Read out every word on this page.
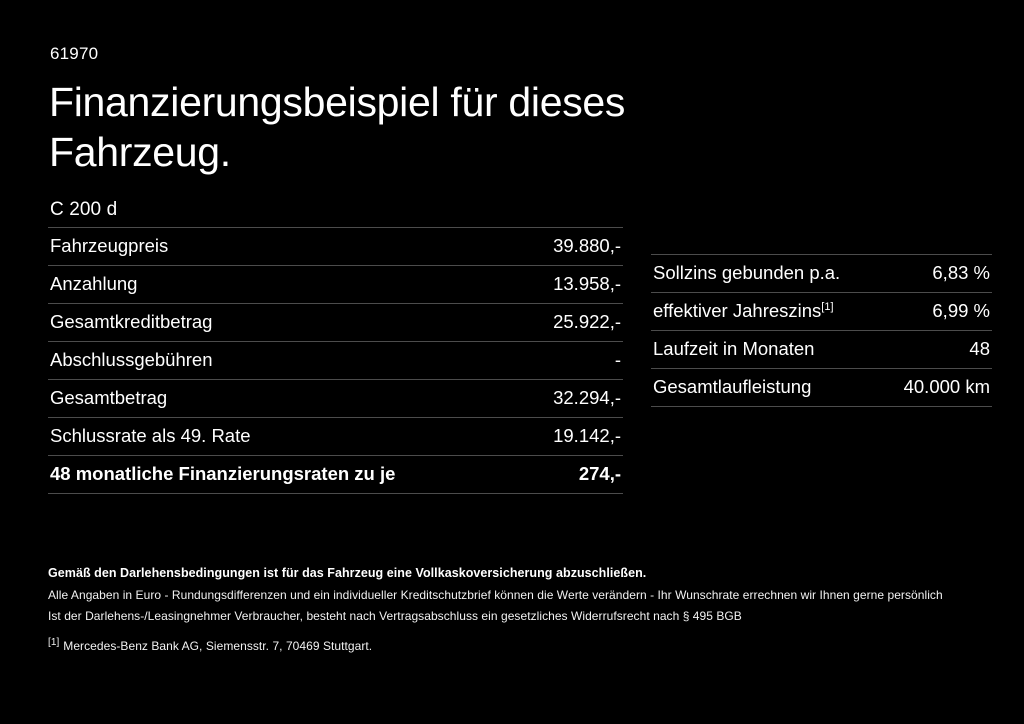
61970
Finanzierungsbeispiel für dieses Fahrzeug.
C 200 d
Fahrzeugpreis	39.880,-
Anzahlung	13.958,-
Gesamtkreditbetrag	25.922,-
Abschlussgebühren	-
Gesamtbetrag	32.294,-
Schlussrate als 49. Rate	19.142,-
48 monatliche Finanzierungsraten zu je	274,-
Sollzins gebunden p.a.	6,83 %
effektiver Jahreszins[1]	6,99 %
Laufzeit in Monaten	48
Gesamtlaufleistung	40.000 km

Gemäß den Darlehensbedingungen ist für das Fahrzeug eine Vollkaskoversicherung abzuschließen.

Alle Angaben in Euro - Rundungsdifferenzen und ein individueller Kreditschutzbrief können die Werte verändern - Ihr Wunschrate errechnen wir Ihnen gerne persönlich

Ist der Darlehens-/Leasingnehmer Verbraucher, besteht nach Vertragsabschluss ein gesetzliches Widerrufsrecht nach § 495 BGB

[1] Mercedes-Benz Bank AG, Siemensstr. 7, 70469 Stuttgart.
